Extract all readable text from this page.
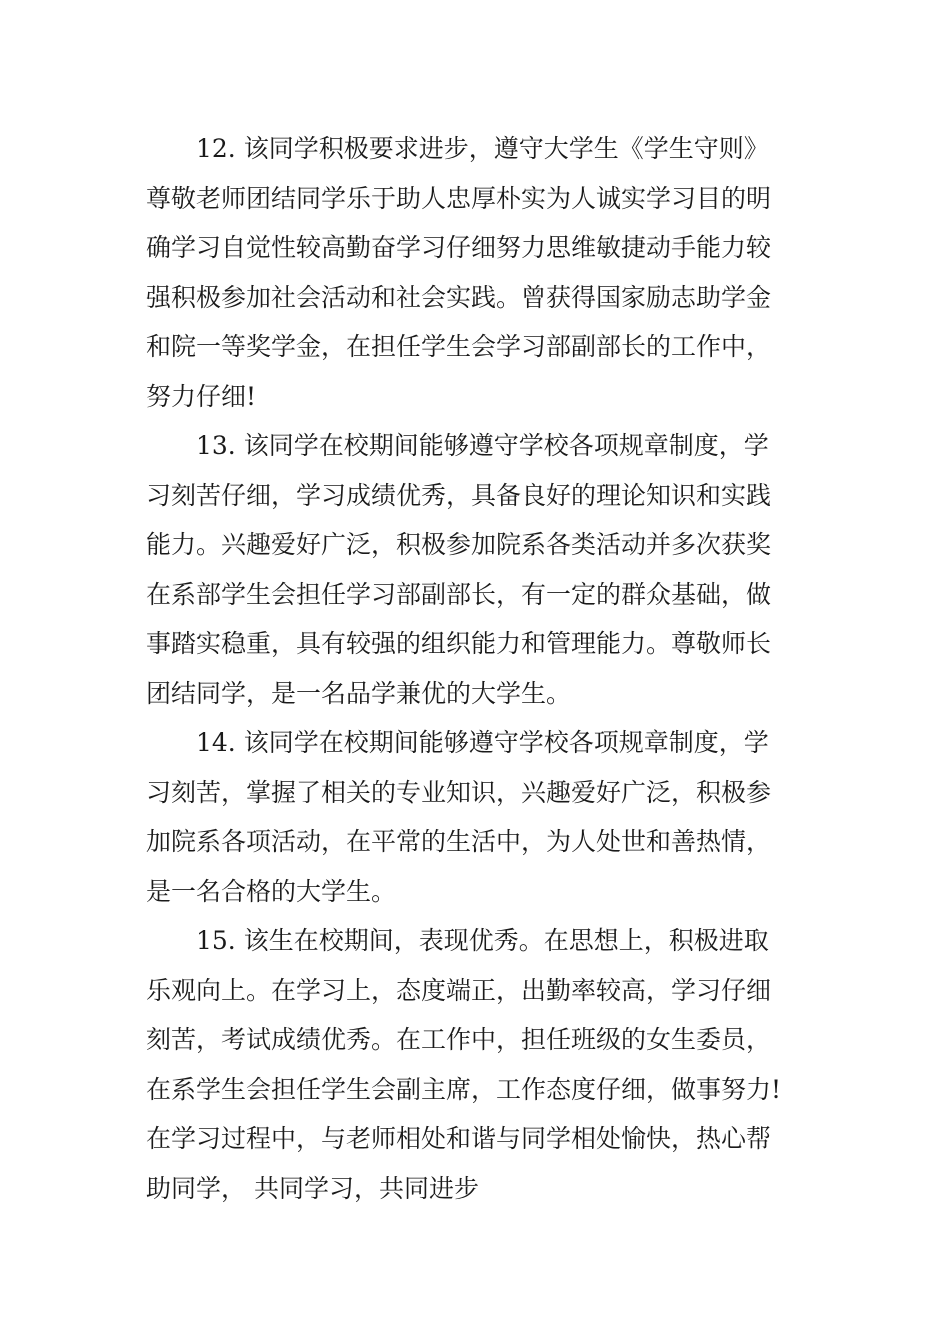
12. 该同学积极要求进步，遵守大学生《学生守则》
尊敬老师团结同学乐于助人忠厚朴实为人诚实学习目的明
确学习自觉性较高勤奋学习仔细努力思维敏捷动手能力较
强积极参加社会活动和社会实践。曾获得国家励志助学金
和院一等奖学金，在担任学生会学习部副部长的工作中，
努力仔细!
13. 该同学在校期间能够遵守学校各项规章制度，学
习刻苦仔细，学习成绩优秀，具备良好的理论知识和实践
能力。兴趣爱好广泛，积极参加院系各类活动并多次获奖
在系部学生会担任学习部副部长，有一定的群众基础，做
事踏实稳重，具有较强的组织能力和管理能力。尊敬师长
团结同学，是一名品学兼优的大学生。
14. 该同学在校期间能够遵守学校各项规章制度，学
习刻苦，掌握了相关的专业知识，兴趣爱好广泛，积极参
加院系各项活动，在平常的生活中，为人处世和善热情，
是一名合格的大学生。
15. 该生在校期间，表现优秀。在思想上，积极进取
乐观向上。在学习上，态度端正，出勤率较高，学习仔细
刻苦，考试成绩优秀。在工作中，担任班级的女生委员，
在系学生会担任学生会副主席，工作态度仔细，做事努力!
在学习过程中，与老师相处和谐与同学相处愉快，热心帮
助同学， 共同学习，共同进步
